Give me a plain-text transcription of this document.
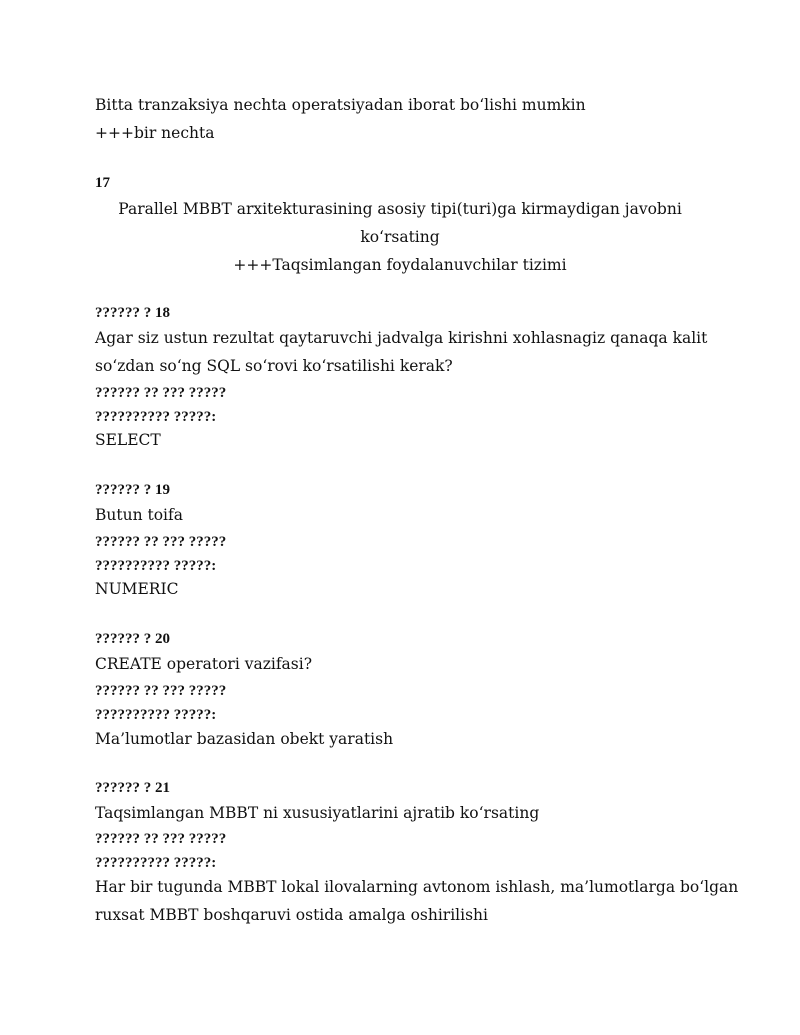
Bitta tranzaksiya nechta operatsiyadan iborat bo‘lishi mumkin
+++bir nechta
17
Parallel MBBT arxitekturasining asosiy tipi(turi)ga kirmaydigan javobni
ko‘rsating
+++Taqsimlangan foydalanuvchilar tizimi
?????? ? 18
Agar siz ustun rezultat qaytaruvchi jadvalga kirishni xohlasnagiz qanaqa kalit
so‘zdan so‘ng SQL so‘rovi ko‘rsatilishi kerak?
?????? ?? ??? ?????
?????????? ?????:
SELECT
?????? ? 19
Butun toifa
?????? ?? ??? ?????
?????????? ?????:
NUMERIC
?????? ? 20
CREATE operatori vazifasi?
?????? ?? ??? ?????
?????????? ?????:
Ma’lumotlar bazasidan obekt yaratish
?????? ? 21
Taqsimlangan MBBT ni xususiyatlarini ajratib ko‘rsating
?????? ?? ??? ?????
?????????? ?????:
Har bir tugunda MBBT lokal ilovalarning avtonom ishlash, ma’lumotlarga bo‘lgan
ruxsat MBBT boshqaruvi ostida amalga oshirilishi
